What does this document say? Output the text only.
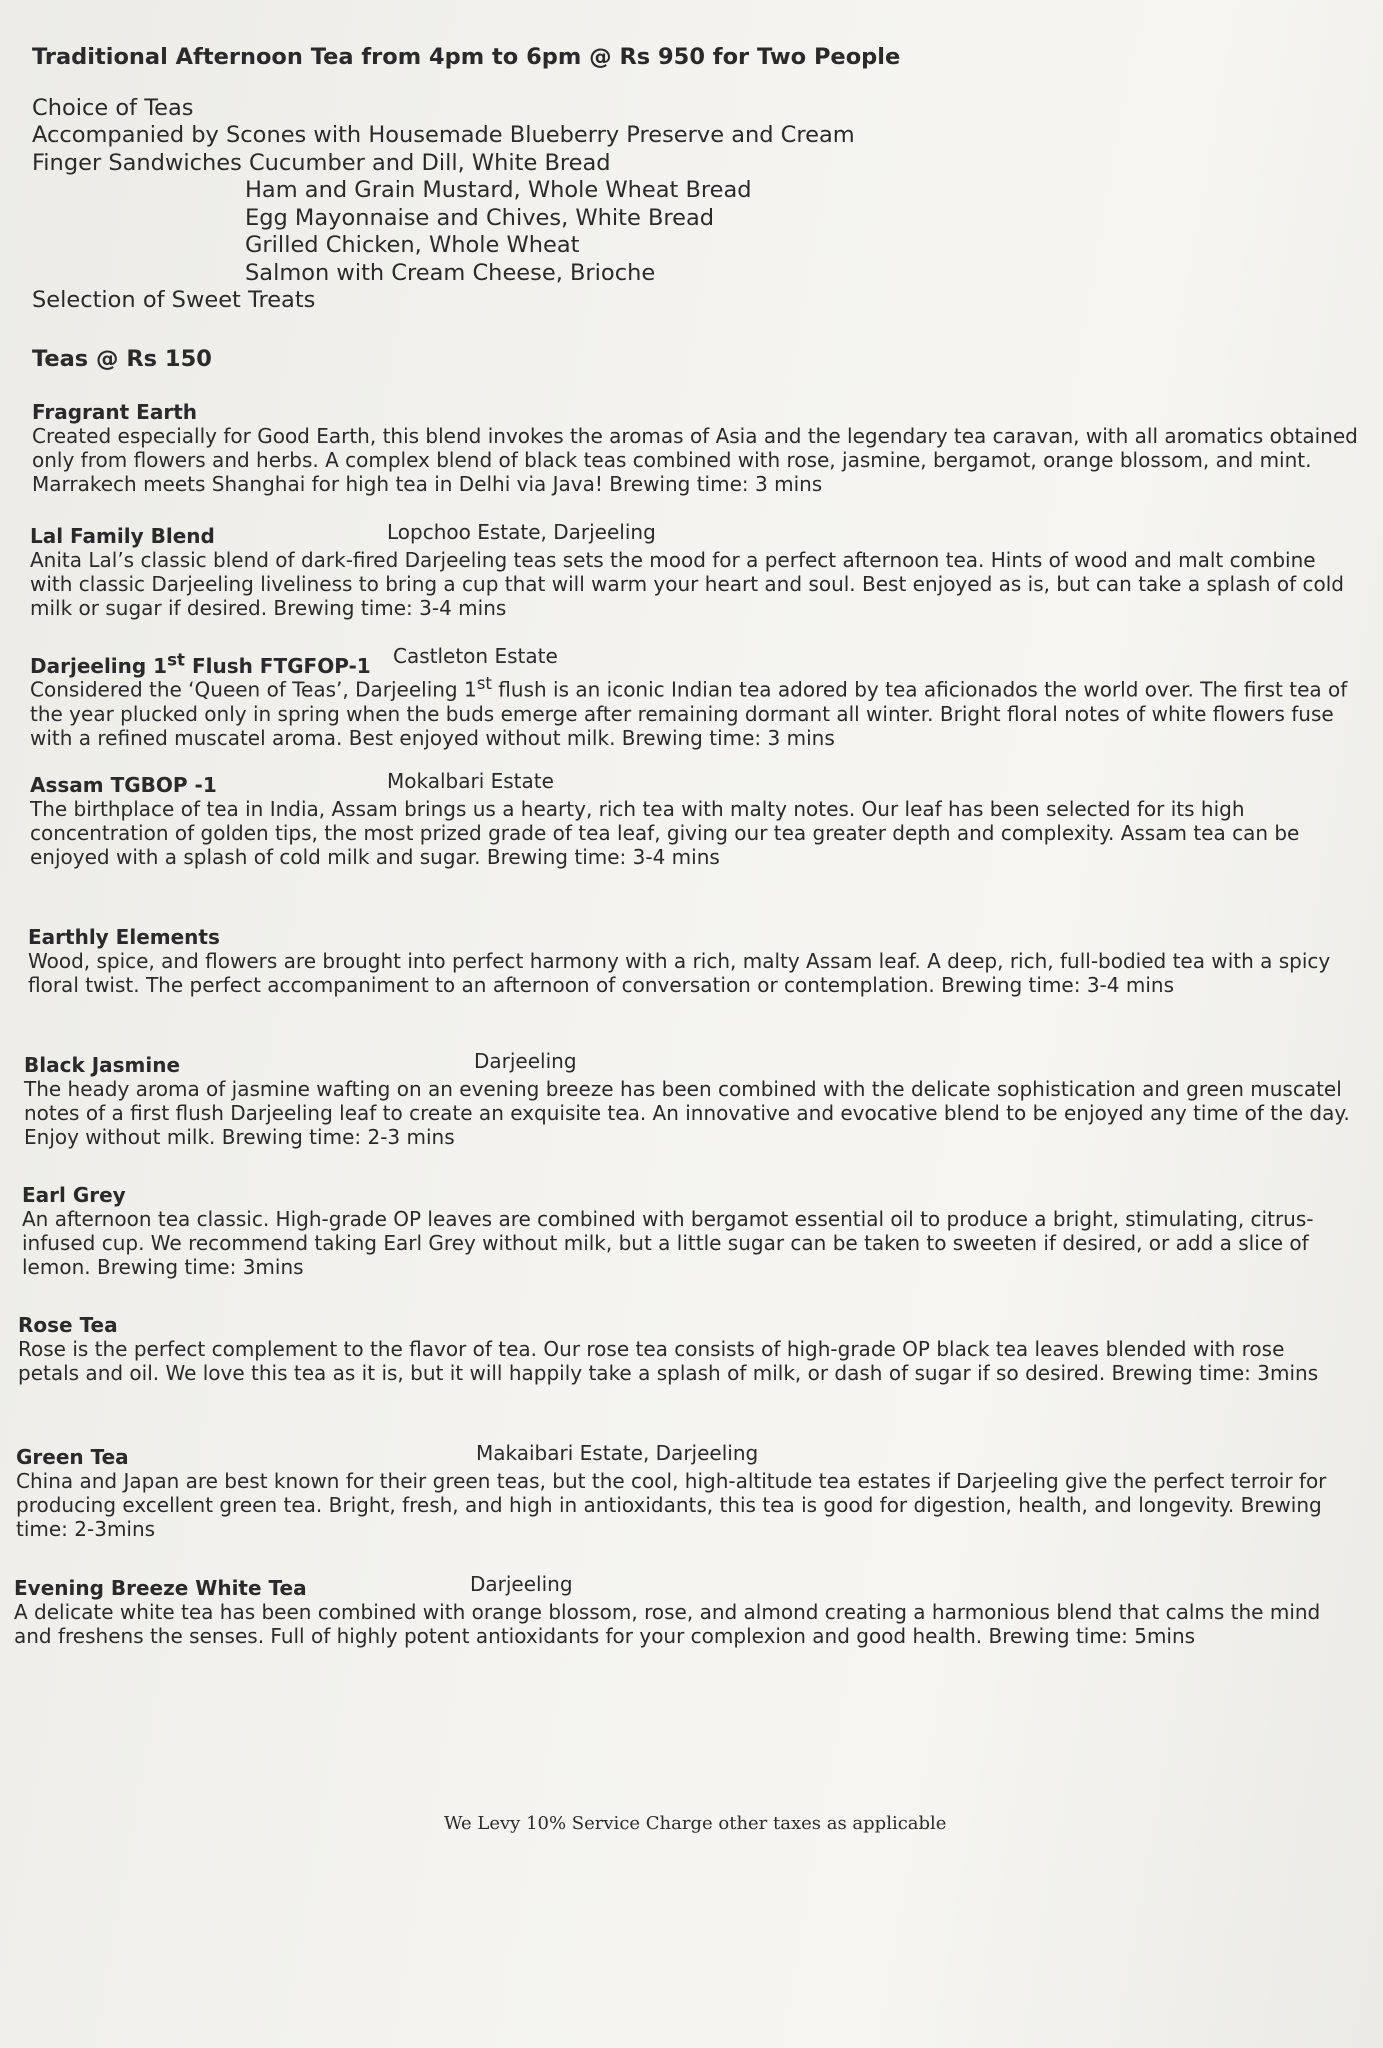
Traditional Afternoon Tea from 4pm to 6pm @ Rs 950 for Two People
Choice of Teas
Accompanied by Scones with Housemade Blueberry Preserve and Cream
Finger Sandwiches Cucumber and Dill, White Bread
Ham and Grain Mustard, Whole Wheat Bread
Egg Mayonnaise and Chives, White Bread
Grilled Chicken, Whole Wheat
Salmon with Cream Cheese, Brioche
Selection of Sweet Treats
Teas @ Rs 150
Fragrant Earth

Created especially for Good Earth, this blend invokes the aromas of Asia and the legendary tea caravan, with all aromatics obtained only from flowers and herbs. A complex blend of black teas combined with rose, jasmine, bergamot, orange blossom, and mint. Marrakech meets Shanghai for high tea in Delhi via Java! Brewing time: 3 mins

Lal Family Blend	Lopchoo Estate, Darjeeling

Anita Lal’s classic blend of dark-fired Darjeeling teas sets the mood for a perfect afternoon tea. Hints of wood and malt combine with classic Darjeeling liveliness to bring a cup that will warm your heart and soul. Best enjoyed as is, but can take a splash of cold milk or sugar if desired. Brewing time: 3-4 mins

Darjeeling 1st Flush FTGFOP-1 Castleton Estate

Considered the ‘Queen of Teas’, Darjeeling 1st flush is an iconic Indian tea adored by tea aficionados the world over. The first tea of the year plucked only in spring when the buds emerge after remaining dormant all winter. Bright floral notes of white flowers fuse with a refined muscatel aroma. Best enjoyed without milk. Brewing time: 3 mins

Assam TGBOP -1	Mokalbari Estate

The birthplace of tea in India, Assam brings us a hearty, rich tea with malty notes. Our leaf has been selected for its high concentration of golden tips, the most prized grade of tea leaf, giving our tea greater depth and complexity. Assam tea can be enjoyed with a splash of cold milk and sugar. Brewing time: 3-4 mins

Earthly Elements

Wood, spice, and flowers are brought into perfect harmony with a rich, malty Assam leaf. A deep, rich, full-bodied tea with a spicy floral twist. The perfect accompaniment to an afternoon of conversation or contemplation. Brewing time: 3-4 mins

Black Jasmine	Darjeeling

The heady aroma of jasmine wafting on an evening breeze has been combined with the delicate sophistication and green muscatel notes of a first flush Darjeeling leaf to create an exquisite tea. An innovative and evocative blend to be enjoyed any time of the day. Enjoy without milk. Brewing time: 2-3 mins

Earl Grey

An afternoon tea classic. High-grade OP leaves are combined with bergamot essential oil to produce a bright, stimulating, citrus-infused cup. We recommend taking Earl Grey without milk, but a little sugar can be taken to sweeten if desired, or add a slice of lemon. Brewing time: 3mins

Rose Tea

Rose is the perfect complement to the flavor of tea. Our rose tea consists of high-grade OP black tea leaves blended with rose petals and oil. We love this tea as it is, but it will happily take a splash of milk, or dash of sugar if so desired. Brewing time: 3mins

Green Tea	Makaibari Estate, Darjeeling

China and Japan are best known for their green teas, but the cool, high-altitude tea estates if Darjeeling give the perfect terroir for producing excellent green tea. Bright, fresh, and high in antioxidants, this tea is good for digestion, health, and longevity. Brewing time: 2-3mins

Evening Breeze White Tea	Darjeeling

A delicate white tea has been combined with orange blossom, rose, and almond creating a harmonious blend that calms the mind and freshens the senses. Full of highly potent antioxidants for your complexion and good health. Brewing time: 5mins

We Levy 10% Service Charge other taxes as applicable
